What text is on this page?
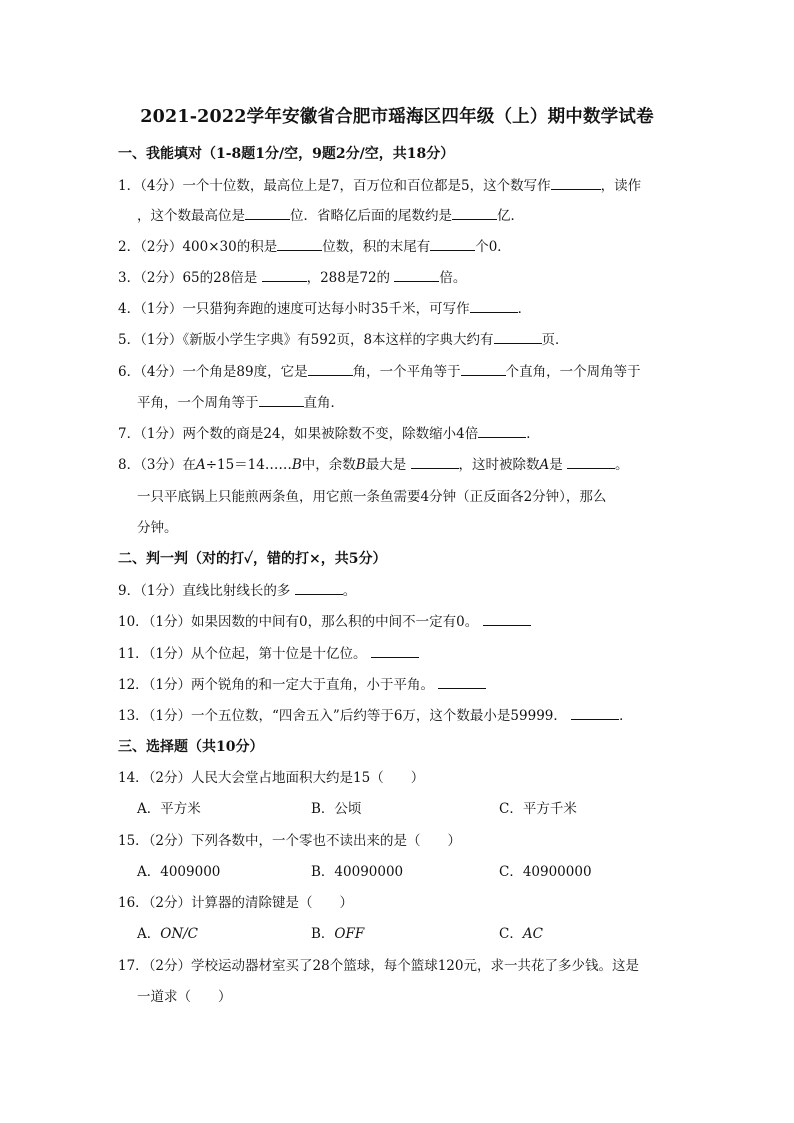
2021-2022学年安徽省合肥市瑶海区四年级（上）期中数学试卷
一、我能填对（1-8题1分/空，9题2分/空，共18分）
1．（4分）一个十位数，最高位上是7，百万位和百位都是5，这个数写作	，读作
，这个数最高位是	位．省略亿后面的尾数约是	亿．
2．（2分）400×30的积是	位数，积的末尾有	个0．
3．（2分）65的28倍是	，288是72的	倍。
4．（1分）一只猎狗奔跑的速度可达每小时35千米，可写作	．
5．（1分）《新版小学生字典》有592页，8本这样的字典大约有	页．
6．（4分）一个角是89度，它是	角，一个平角等于	个直角，一个周角等于
平角，一个周角等于	直角．
7．（1分）两个数的商是24，如果被除数不变，除数缩小4倍	．
8．（3分）在A÷15＝14……B中，余数B最大是	，这时被除数A是	。
一只平底锅上只能煎两条鱼，用它煎一条鱼需要4分钟（正反面各2分钟），那么
分钟。
二、判一判（对的打✓，错的打×，共5分）
9．（1分）直线比射线长的多	。
10．（1分）如果因数的中间有0，那么积的中间不一定有0。
11．（1分）从个位起，第十位是十亿位。
12．（1分）两个锐角的和一定大于直角，小于平角。
13．（1分）一个五位数，“四舍五入”后约等于6万，这个数最小是59999．	．
三、选择题（共10分）
14．（2分）人民大会堂占地面积大约是15（　　）
A．平方米	B．公顷	C．平方千米
15．（2分）下列各数中，一个零也不读出来的是（　　）
A．4009000	B．40090000	C．40900000
16．（2分）计算器的清除键是（　　）
A．ON/C	B．OFF	C．AC
17．（2分）学校运动器材室买了28个篮球，每个篮球120元，求一共花了多少钱。这是
一道求（　　）
